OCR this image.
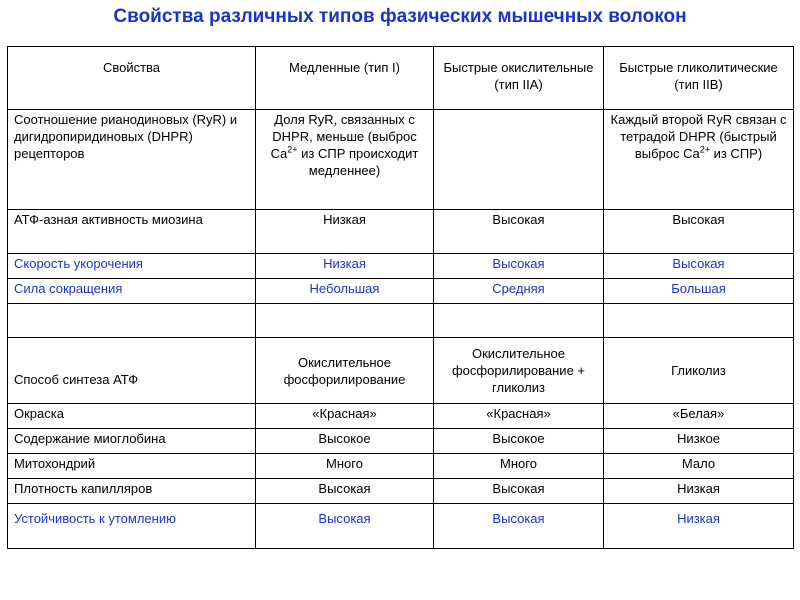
Свойства различных типов фазических мышечных волокон
Свойства	Медленные (тип I)	Быстрые окислительные (тип IIA)	Быстрые гликолитические (тип IIB)
Соотношение рианодиновых (RyR) и дигидропиридиновых (DHPR) рецепторов	Доля RyR, связанных с DHPR, меньше (выброс $Ca^{2+}$ из СПР происходит медленнее)		Каждый второй RyR связан с тетрадой DHPR (быстрый выброс $Ca^{2+}$ из СПР)
АТФ-азная активность миозина	Низкая	Высокая	Высокая
Скорость укорочения	Низкая	Высокая	Высокая
Сила сокращения	Небольшая	Средняя	Большая

Способ синтеза АТФ	Окислительное фосфорилирование	Окислительное фосфорилирование + гликолиз	Гликолиз
Окраска	«Красная»	«Красная»	«Белая»
Содержание миоглобина	Высокое	Высокое	Низкое
Митохондрий	Много	Много	Мало
Плотность капилляров	Высокая	Высокая	Низкая
Устойчивость к утомлению	Высокая	Высокая	Низкая
